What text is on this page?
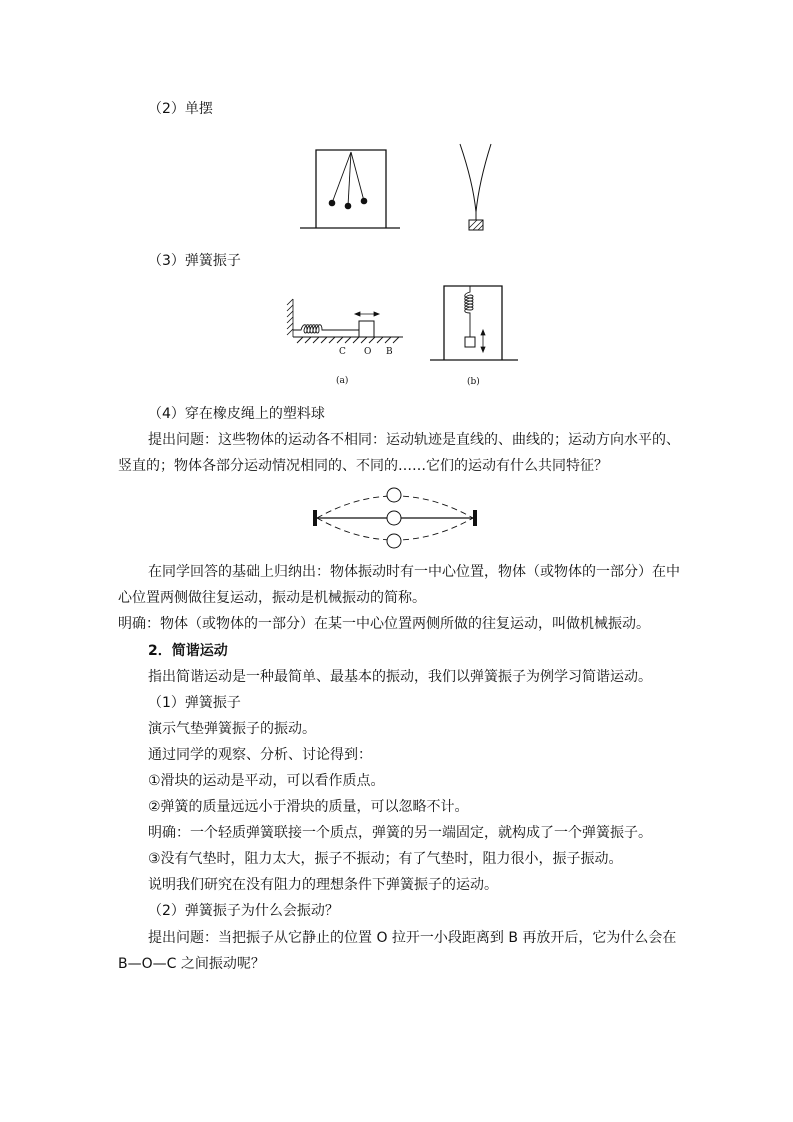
（2）单摆
（3）弹簧振子
C O B
(a)	(b)
（4）穿在橡皮绳上的塑料球
提出问题：这些物体的运动各不相同：运动轨迹是直线的、曲线的；运动方向水平的、
竖直的；物体各部分运动情况相同的、不同的……它们的运动有什么共同特征？
在同学回答的基础上归纳出：物体振动时有一中心位置，物体（或物体的一部分）在中
心位置两侧做往复运动，振动是机械振动的简称。
明确：物体（或物体的一部分）在某一中心位置两侧所做的往复运动，叫做机械振动。
2．简谐运动
指出简谐运动是一种最简单、最基本的振动，我们以弹簧振子为例学习简谐运动。
（1）弹簧振子
演示气垫弹簧振子的振动。
通过同学的观察、分析、讨论得到：
①滑块的运动是平动，可以看作质点。
②弹簧的质量远远小于滑块的质量，可以忽略不计。
明确：一个轻质弹簧联接一个质点，弹簧的另一端固定，就构成了一个弹簧振子。
③没有气垫时，阻力太大，振子不振动；有了气垫时，阻力很小，振子振动。
说明我们研究在没有阻力的理想条件下弹簧振子的运动。
（2）弹簧振子为什么会振动？
提出问题：当把振子从它静止的位置 O 拉开一小段距离到 B 再放开后，它为什么会在
B—O—C 之间振动呢？
